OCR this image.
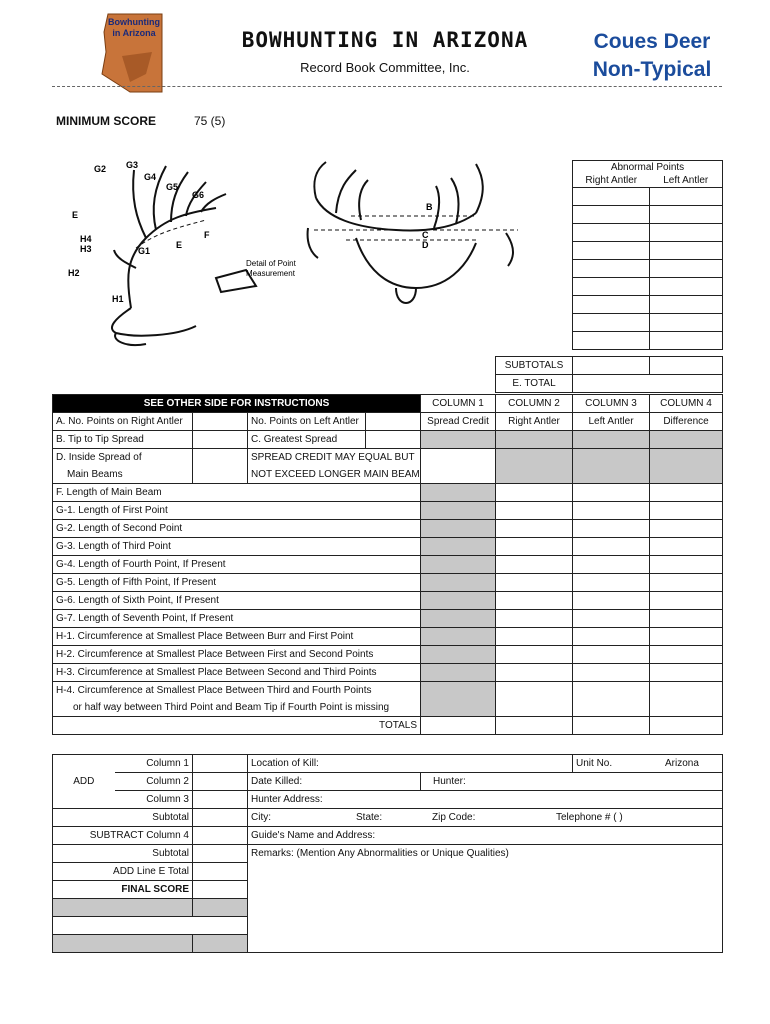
Bowhunting
in Arizona	BOWHUNTING IN ARIZONA
Record Book Committee, Inc.
Coues Deer
Non-Typical
MINIMUM SCORE	75 (5)
G2 G3
G4
G5
G6
E
F
H4
H3	G1
E
H2
H1
B
C
D
Detail of Point
Measurement
Abnormal Points	
Right Antler	Left Antler

SUBTOTALS		
E. TOTAL		
SEE OTHER SIDE FOR INSTRUCTIONS				COLUMN 1	COLUMN 2	COLUMN 3	COLUMN 4
A. No. Points on Right Antler		No. Points on Left Antler		Spread Credit	Right Antler	Left Antler	Difference
B. Tip to Tip Spread		C. Greatest Spread					
D. Inside Spread of		SPREAD CREDIT MAY EQUAL BUT					
Main Beams		NOT EXCEED LONGER MAIN BEAM					
F. Length of Main Beam							
G-1. Length of First Point							
G-2. Length of Second Point							
G-3. Length of Third Point							
G-4. Length of Fourth Point, If Present							
G-5. Length of Fifth Point, If Present							
G-6. Length of Sixth Point, If Present							
G-7. Length of Seventh Point, If Present							
H-1. Circumference at Smallest Place Between Burr and First Point							
H-2. Circumference at Smallest Place Between First and Second Points							
H-3. Circumference at Smallest Place Between Second and Third Points							
H-4. Circumference at Smallest Place Between Third and Fourth Points							
or half way between Third Point and Beam Tip if Fourth Point is missing							
TOTALS							
ADD	Column 1		Location of Kill:		Unit No. Arizona

	Column 2		Date Killed:	Hunter:	
	Column 3		Hunter Address:		
Subtotal			City: State: Zip Code: Telephone # ( )		

SUBTRACT Column 4			Guide's Name and Address:		
Subtotal			Remarks: (Mention Any Abnormalities or Unique Qualities)		
ADD Line E Total					
FINAL SCORE					
